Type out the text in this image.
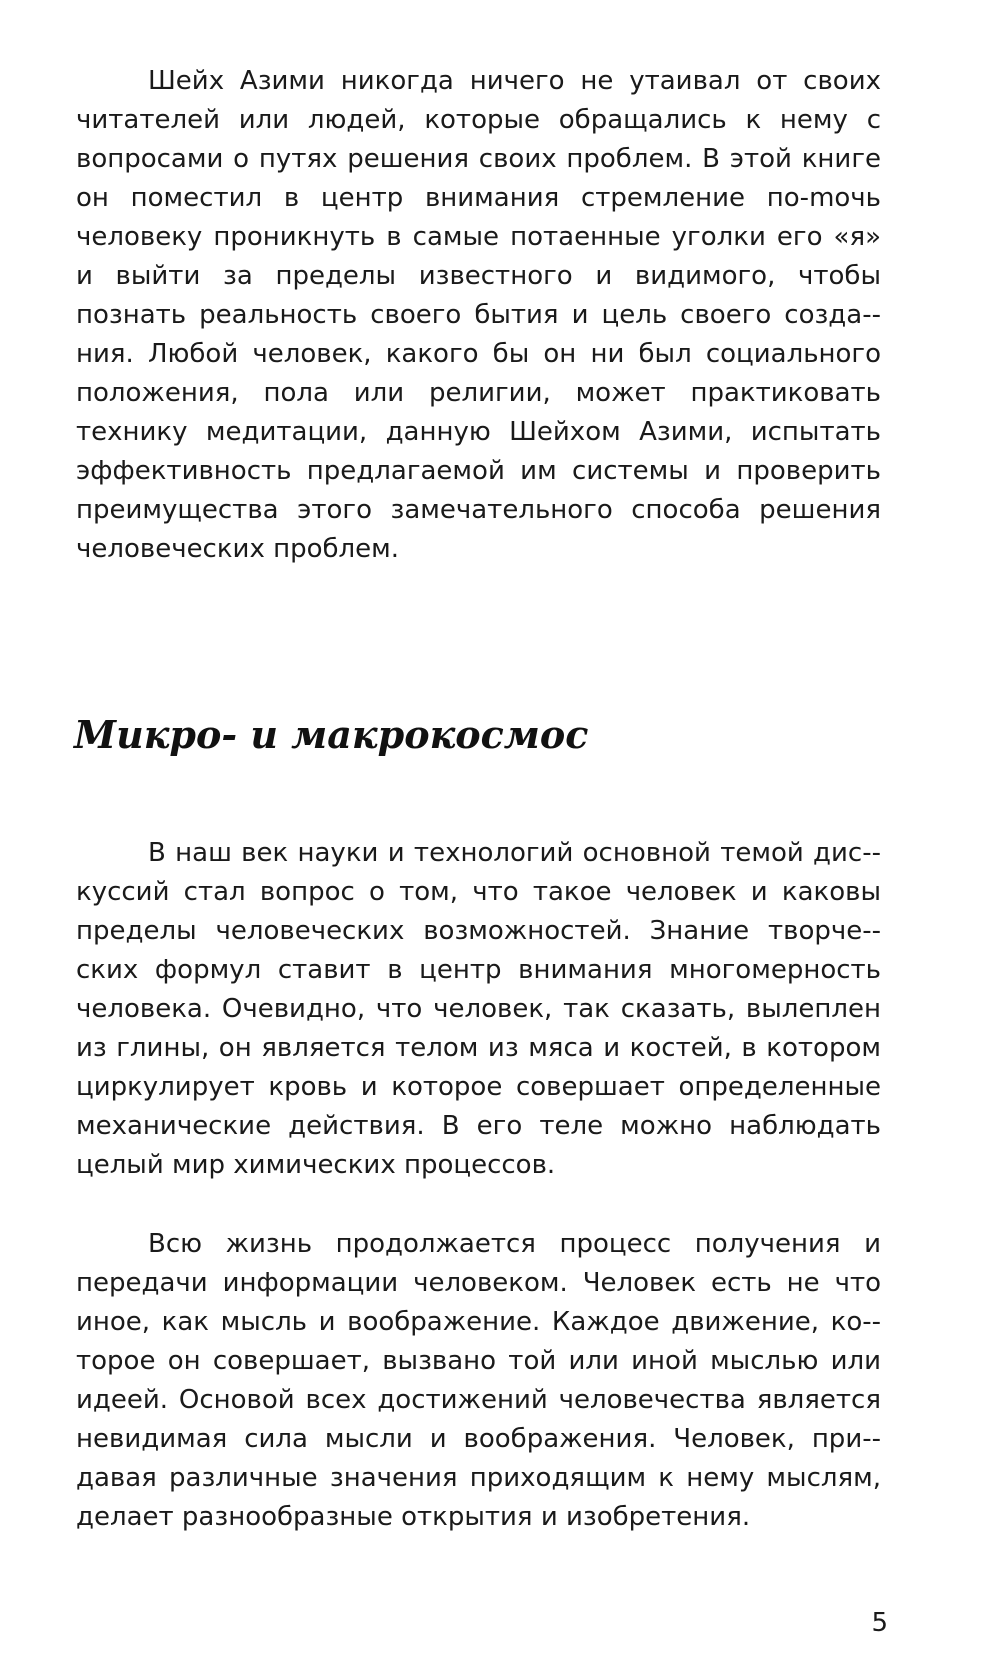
Шейх Азими никогда ничего не утаивал от своих читателей или людей, которые обращались к нему с вопросами о путях решения своих проблем. В этой книге он поместил в центр внимания стремление по-mочь человеку проникнуть в самые потаенные уголки его «я» и выйти за пределы известного и видимого, чтобы познать реальность своего бытия и цель своего созда-ния. Любой человек, какого бы он ни был социального положения, пола или религии, может практиковать технику медитации, данную Шейхом Азими, испытать эффективность предлагаемой им системы и проверить преимущества этого замечательного способа решения человеческих проблем.

Микро- и макрокосмос

В наш век науки и технологий основной темой дис-куссий стал вопрос о том, что такое человек и каковы пределы человеческих возможностей. Знание творче-ских формул ставит в центр внимания многомерность человека. Очевидно, что человек, так сказать, вылеплен из глины, он является телом из мяса и костей, в котором циркулирует кровь и которое совершает определенные механические действия. В его теле можно наблюдать целый мир химических процессов.

Всю жизнь продолжается процесс получения и передачи информации человеком. Человек есть не что иное, как мысль и воображение. Каждое движение, ко-торое он совершает, вызвано той или иной мыслью или идеей. Основой всех достижений человечества является невидимая сила мысли и воображения. Человек, при-давая различные значения приходящим к нему мыслям, делает разнообразные открытия и изобретения.

5
